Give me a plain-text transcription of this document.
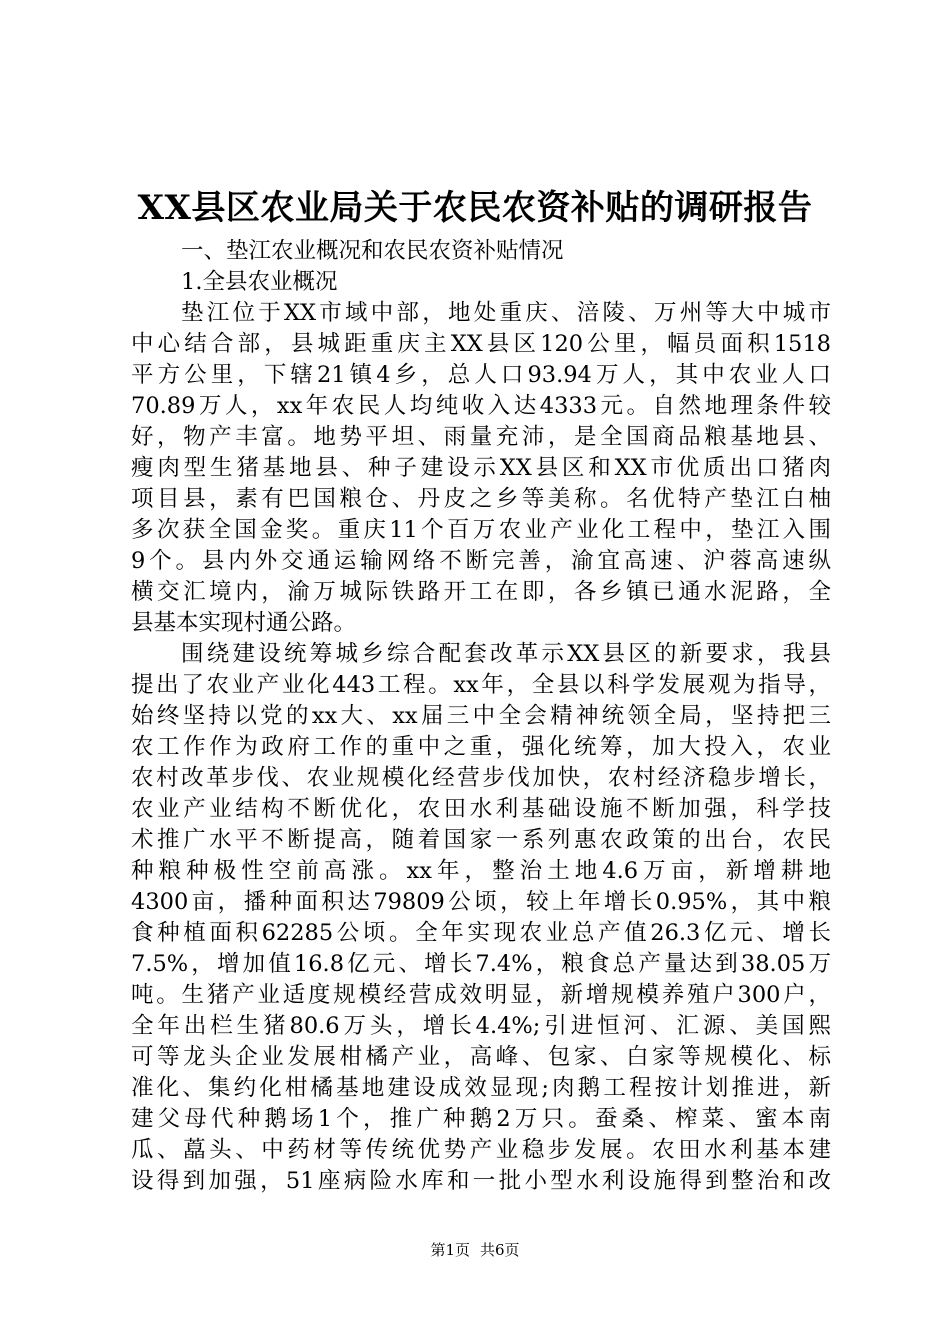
XX县区农业局关于农民农资补贴的调研报告
一、垫江农业概况和农民农资补贴情况
1.全县农业概况
垫江位于XX市域中部，地处重庆、涪陵、万州等大中城市
中心结合部，县城距重庆主XX县区120公里，幅员面积1518
平方公里，下辖21镇4乡，总人口93.94万人，其中农业人口
70.89万人，xx年农民人均纯收入达4333元。自然地理条件较
好，物产丰富。地势平坦、雨量充沛，是全国商品粮基地县、
瘦肉型生猪基地县、种子建设示XX县区和XX市优质出口猪肉
项目县，素有巴国粮仓、丹皮之乡等美称。名优特产垫江白柚
多次获全国金奖。重庆11个百万农业产业化工程中，垫江入围
9个。县内外交通运输网络不断完善，渝宜高速、沪蓉高速纵
横交汇境内，渝万城际铁路开工在即，各乡镇已通水泥路，全
县基本实现村通公路。
围绕建设统筹城乡综合配套改革示XX县区的新要求，我县
提出了农业产业化443工程。xx年，全县以科学发展观为指导，
始终坚持以党的xx大、xx届三中全会精神统领全局，坚持把三
农工作作为政府工作的重中之重，强化统筹，加大投入，农业
农村改革步伐、农业规模化经营步伐加快，农村经济稳步增长，
农业产业结构不断优化，农田水利基础设施不断加强，科学技
术推广水平不断提高，随着国家一系列惠农政策的出台，农民
种粮种极性空前高涨。xx年，整治土地4.6万亩，新增耕地
4300亩，播种面积达79809公顷，较上年增长0.95%，其中粮
食种植面积62285公顷。全年实现农业总产值26.3亿元、增长
7.5%，增加值16.8亿元、增长7.4%，粮食总产量达到38.05万
吨。生猪产业适度规模经营成效明显，新增规模养殖户300户，
全年出栏生猪80.6万头，增长4.4%;引进恒河、汇源、美国熙
可等龙头企业发展柑橘产业，高峰、包家、白家等规模化、标
准化、集约化柑橘基地建设成效显现;肉鹅工程按计划推进，新
建父母代种鹅场1个，推广种鹅2万只。蚕桑、榨菜、蜜本南
瓜、藠头、中药材等传统优势产业稳步发展。农田水利基本建
设得到加强，51座病险水库和一批小型水利设施得到整治和改
第1页 共6页
